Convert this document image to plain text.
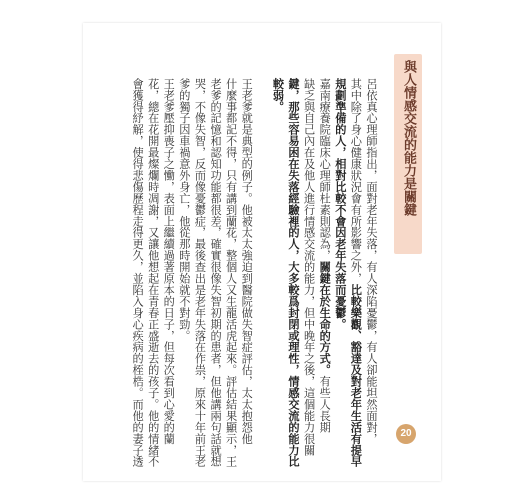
與人情感交流的能力是關鍵
呂依真心理師指出，面對老年失落，有人深陷憂鬱，有人卻能坦然面對，
其中除了身心健康狀況會有所影響之外，比較樂觀、豁達及對老年生活有提早
規劃準備的人，相對比較不會因老年失落而憂鬱。
嘉南療養院臨床心理師杜素則認為，關鍵在於生命的方式。有些人長期
缺乏與自己內在及他人進行情感交流的能力，但中晚年之後，這個能力很關
鍵，那些容易困在失落經驗裡的人，大多較爲封閉或理性，情感交流的能力比
較弱。

王老爹就是典型的例子。他被太太強迫到醫院做失智症評估，太太抱怨他
什麼事都記不得，只有講到蘭花，整個人又生龍活虎起來。評估結果顯示，王
老爹的記憶和認知功能都很差，確實很像失智初期的患者，但他講兩句話就想
哭，不像失智，反而像憂鬱症，最後查出是老年失落在作祟，原來十年前王老
爹的獨子因車禍意外身亡，他從那時開始就不對勁。
王老爹壓抑喪子之慟，表面上繼續過著原本的日子，但每次看到心愛的蘭
花，總在花開最燦爛時凋謝，又讓他想起在青春正盛逝去的孩子。他的情緒不
會獲得紓解，使得悲傷歷程走得更久，並陷入身心疾病的桎梏。而他的妻子透	20
